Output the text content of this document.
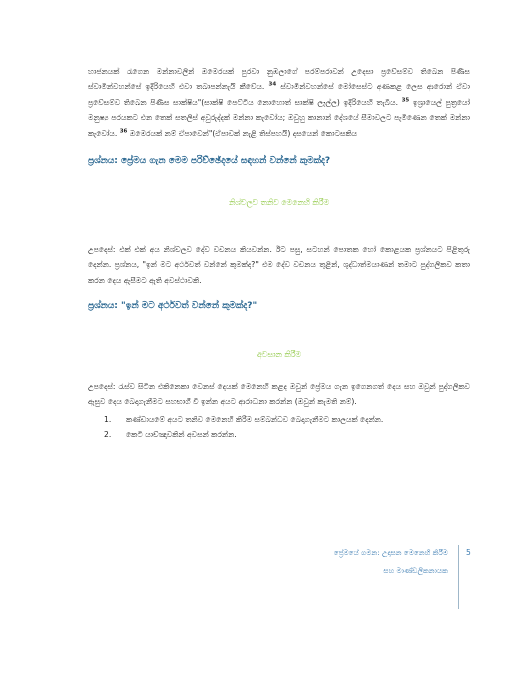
හාජනයක් රැගෙන මන්නාවලින් ඔමෙරයක් පුරවා නුඹලාගේ පරම්පරාවන් උදෙසා ප්‍රවේසම්ව තිබෙන පිණිස ස්වාමින්වහන්සේ ඉදිරියෙහි එවා තබාපන්නැයි කීවේය. $^{34}$ ස්වාමීන්වහන්සේ මෝසෙස්ට අණකළ ලෙස ආරොන් ඒවා ප්‍රවේසම්ව තිබෙන පිණිස සාක්ෂිය"(සාක්ෂි පෙට්ටිය නොහොත් සාක්ෂි ලෑල්ල) ඉදිරියෙහි තැබීය. $^{35}$ ඉශ්‍රායෙල් පුත්‍රයෝ මනුෂ්‍ය පරයකට එන තෙක් සතලිස් අවුරුද්දක් මන්නා කැවෝය; ඔවුහු කානාන් දේශයේ සීමාවලට පැමිණෙන තෙක් මන්නා කැවෝය. $^{36}$ ඔමෙරයක් නම් ඒපාවෙන්"(ඒපාවක් නැළි තිස්පහයි) දසයෙන් කොටසකිය

ප්‍රශ්නය: ප්‍රේමය ගැන මෙම පරිච්ඡේදයේ සඳහන් වන්නේ කුමක්ද?

නිශ්චලව තනිව මෙනෙහි කිරීම

උපදෙස්: එක් එක් අය නිශ්චලව දේව වචනය කියවන්න. ඊට පසු, සටහන් පොතක හෝ කොළයක ප්‍රශ්නයට පිළිතුරු දෙන්න. ප්‍රශ්නය, "ඉන් මට අර්ථවත් වන්නේ කුමක්ද?" එම දේව වචනය තුළින්, ශුද්ධාත්මයාණන් තමාට පුද්ගලිකව කතා කරන දෙය ඇසීමට ඇති අවස්ථාවකි.

ප්‍රශ්නය: "ඉන් මට අර්ථවත් වන්නේ කුමක්ද?"

අවසාන කිරීම

උපදෙස්: රැස්ව සිටින එකිනෙකා වෙනස් දෙයක් මෙනෙහි කළද ඔවුන් ප්‍රේමය ගැන ඉගෙනගත් දෙය සහ ඔවුන් පුද්ගලිකව ඇසුව දෙය බෙදාගැනීමට සහභාගී වී ඉන්න අයට ආරාධනා කරන්න (ඔවුන් කැමති නම්).

1.	කණ්ඩායමේ අයට තනිව මෙනෙහි කිරීම සම්බන්ධව බෙදාගැනීමට කාලයක් දෙන්න.
2.	කෙටි යාච්ඤාවකින් අවසන් කරන්න.

ප්‍රේමයේ ගමන: උදාසන මෙනෙහි කිරීම

සහ මාණ්ඩලිකනායක

5
